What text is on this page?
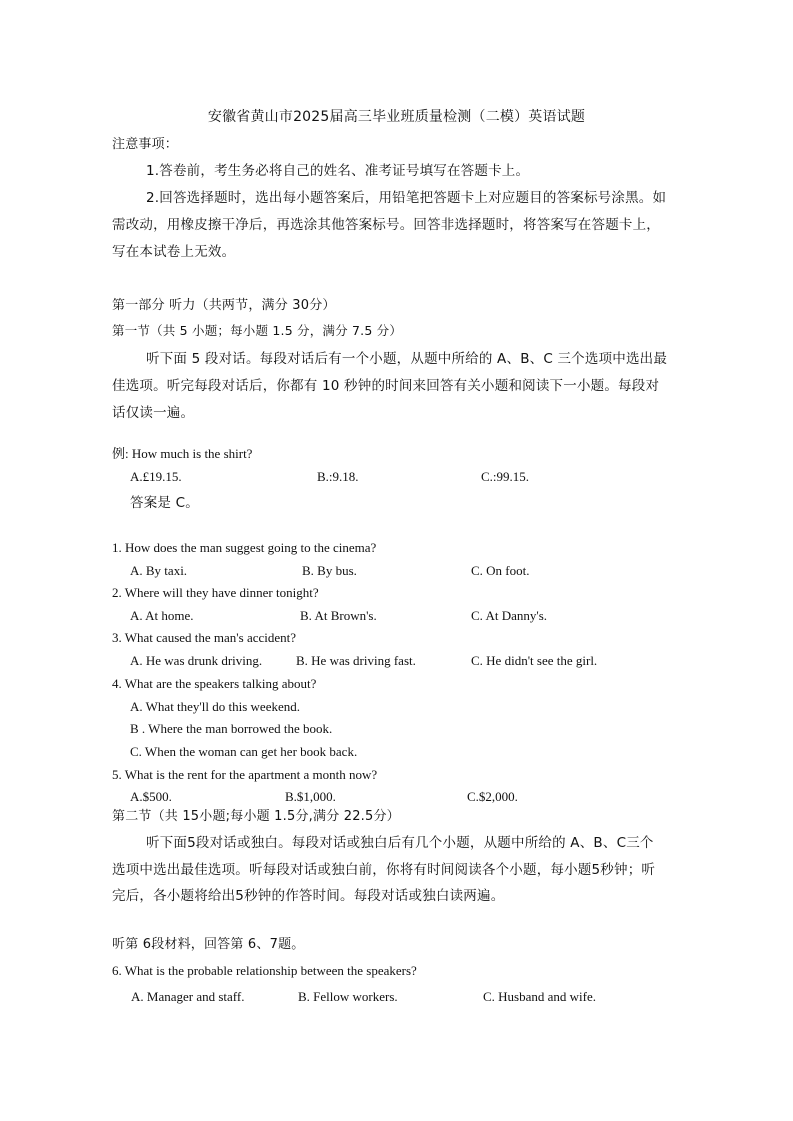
安徽省黄山市2025届高三毕业班质量检测（二模）英语试题
注意事项：
1.答卷前，考生务必将自己的姓名、准考证号填写在答题卡上。
2.回答选择题时，选出每小题答案后，用铅笔把答题卡上对应题目的答案标号涂黑。如
需改动，用橡皮擦干净后，再选涂其他答案标号。回答非选择题时，将答案写在答题卡上，
写在本试卷上无效。
第一部分 听力（共两节，满分 30分）
第一节（共 5 小题；每小题 1.5 分，满分 7.5 分）
听下面 5 段对话。每段对话后有一个小题，从题中所给的 A、B、C 三个选项中选出最
佳选项。听完每段对话后，你都有 10 秒钟的时间来回答有关小题和阅读下一小题。每段对
话仅读一遍。
例: How much is the shirt?
A.£19.15.	B.:9.18.	C.:99.15.
答案是 C。
1. How does the man suggest going to the cinema?
A. By taxi.	B. By bus.	C. On foot.
2. Where will they have dinner tonight?
A. At home.	B. At Brown's.	C. At Danny's.
3. What caused the man's accident?
A. He was drunk driving.	B. He was driving fast.	C. He didn't see the girl.
4. What are the speakers talking about?
A. What they'll do this weekend.
B . Where the man borrowed the book.
C. When the woman can get her book back.
5. What is the rent for the apartment a month now?
A.$500.	B.$1,000.	C.$2,000.
第二节（共 15小题;每小题 1.5分,满分 22.5分）
听下面5段对话或独白。每段对话或独白后有几个小题，从题中所给的 A、B、C三个
选项中选出最佳选项。听每段对话或独白前，你将有时间阅读各个小题，每小题5秒钟；听
完后，各小题将给出5秒钟的作答时间。每段对话或独白读两遍。
听第 6段材料，回答第 6、7题。
6. What is the probable relationship between the speakers?
A. Manager and staff.	B. Fellow workers.	C. Husband and wife.
